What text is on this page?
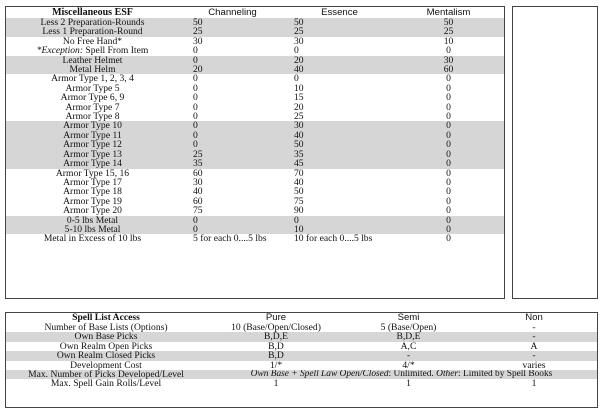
Miscellaneous ESF	Channeling	Essence	Mentalism
Less 2 Preparation-Rounds	50	50	50
Less 1 Preparation-Round	25	25	25
No Free Hand*	30	30	10
*Exception: Spell From Item	0	0	0
Leather Helmet	0	20	30
Metal Helm	20	40	60
Armor Type 1, 2, 3, 4	0	0	0
Armor Type 5	0	10	0
Armor Type 6, 9	0	15	0
Armor Type 7	0	20	0
Armor Type 8	0	25	0
Armor Type 10	0	30	0
Armor Type 11	0	40	0
Armor Type 12	0	50	0
Armor Type 13	25	35	0
Armor Type 14	35	45	0
Armor Type 15, 16	60	70	0
Armor Type 17	30	40	0
Armor Type 18	40	50	0
Armor Type 19	60	75	0
Armor Type 20	75	90	0
0-5 lbs Metal	0	0	0
5-10 lbs Metal	0	10	0
Metal in Excess of 10 lbs	5 for each 0....5 lbs	10 for each 0....5 lbs	0
Spell List Access	Pure	Semi	Non
Number of Base Lists (Options)	10 (Base/Open/Closed)	5 (Base/Open)	-
Own Base Picks	B,D,E	B,D,E	-
Own Realm Open Picks	B,D	A,C	A
Own Realm Closed Picks	B,D	-	-
Development Cost	1/*	4/*	varies
Max. Number of Picks Developed/Level	Own Base + Spell Law Open/Closed: Unlimited. Other: Limited by Spell Books		
Max. Spell Gain Rolls/Level	1	1	1
